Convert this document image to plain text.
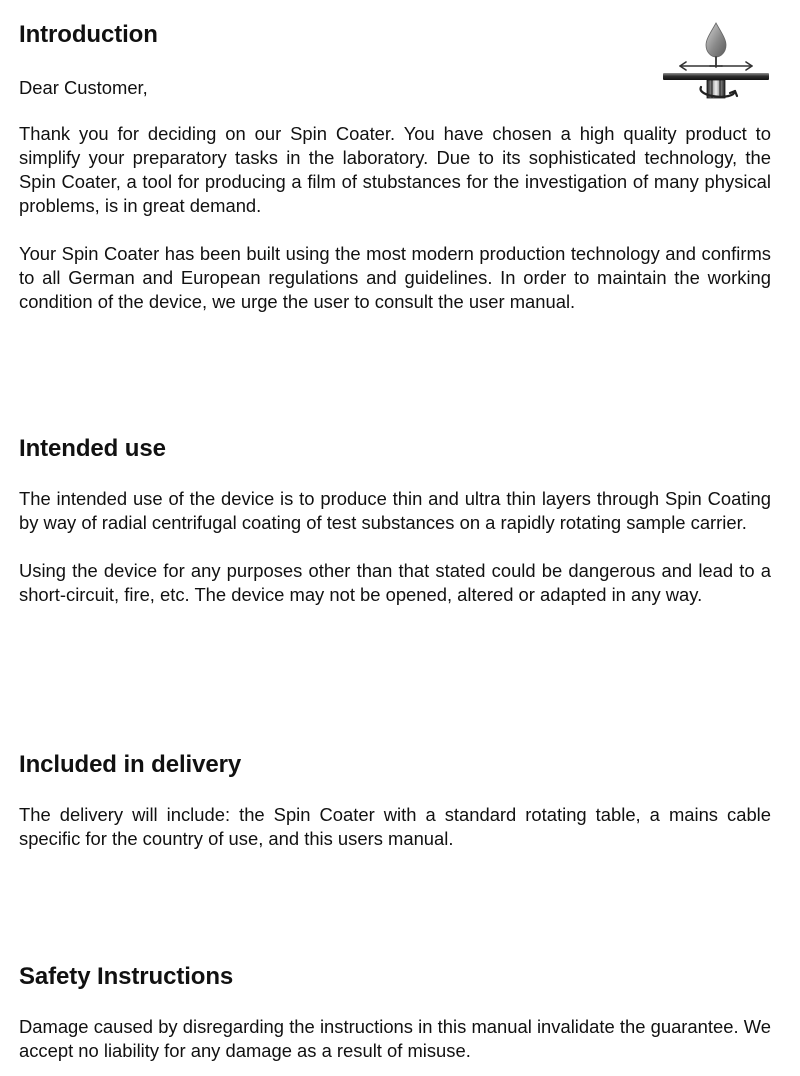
Introduction

Dear Customer,

Thank you for deciding on our Spin Coater. You have chosen a high quality product to simplify your preparatory tasks in the laboratory. Due to its sophisticated technology, the Spin Coater, a tool for producing a film of stubstances for the investigation of many physical problems, is in great demand.

Your Spin Coater has been built using the most modern production technology and confirms to all German and European regulations and guidelines. In order to maintain the working condition of the device, we urge the user to consult the user manual.

Intended use

The intended use of the device is to produce thin and ultra thin layers through Spin Coating by way of radial centrifugal coating of test substances on a rapidly rotating sample carrier.

Using the device for any purposes other than that stated could be dangerous and lead to a short-circuit, fire, etc. The device may not be opened, altered or adapted in any way.

Included in delivery

The delivery will include: the Spin Coater with a standard rotating table, a mains cable specific for the country of use, and this users manual.

Safety Instructions

Damage caused by disregarding the instructions in this manual invalidate the guarantee. We accept no liability for any damage as a result of misuse.
